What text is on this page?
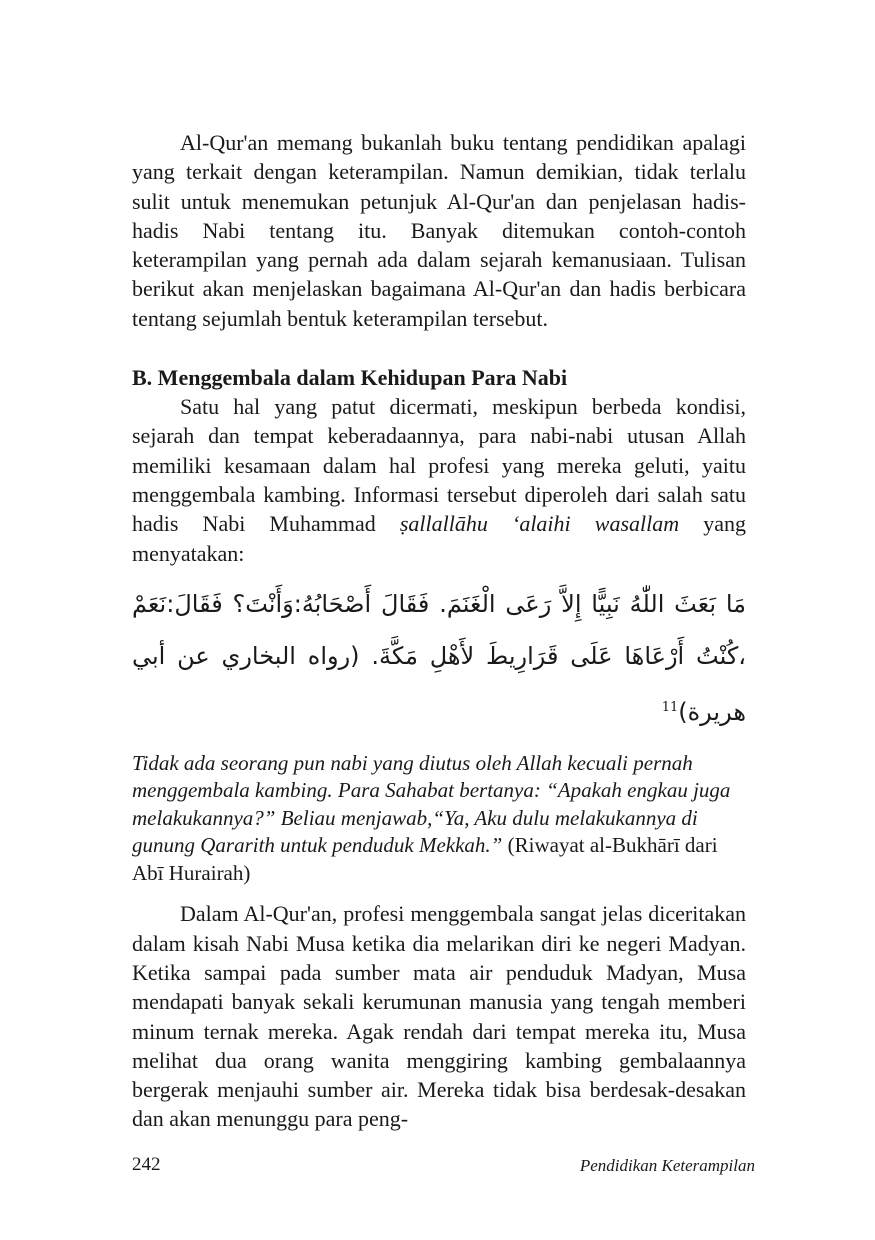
Al-Qur'an memang bukanlah buku tentang pendidikan apalagi yang terkait dengan keterampilan. Namun demikian, tidak terlalu sulit untuk menemukan petunjuk Al-Qur'an dan penjelasan hadis-hadis Nabi tentang itu. Banyak ditemukan contoh-contoh keterampilan yang pernah ada dalam sejarah kemanusiaan. Tulisan berikut akan menjelaskan bagaimana Al-Qur'an dan hadis berbicara tentang sejumlah bentuk keterampilan tersebut.

B. Menggembala dalam Kehidupan Para Nabi

Satu hal yang patut dicermati, meskipun berbeda kondisi, sejarah dan tempat keberadaannya, para nabi-nabi utusan Allah memiliki kesamaan dalam hal profesi yang mereka geluti, yaitu menggembala kambing. Informasi tersebut diperoleh dari salah satu hadis Nabi Muhammad ṣallallāhu ‘alaihi wasallam yang menyatakan:

مَا بَعَثَ اللّٰهُ نَبِيًّا إِلاَّ رَعَى الْغَنَمَ. فَقَالَ أَصْحَابُهُ:وَأَنْتَ؟ فَقَالَ:نَعَمْ ،كُنْتُ أَرْعَاهَا عَلَى قَرَارِيطَ لأَهْلِ مَكَّةَ. (رواه البخاري عن أبي هريرة)$^{11}$

Tidak ada seorang pun nabi yang diutus oleh Allah kecuali pernah menggembala kambing. Para Sahabat bertanya: “Apakah engkau juga melakukannya?” Beliau menjawab,“Ya, Aku dulu melakukannya di gunung Qararith untuk penduduk Mekkah.” (Riwayat al-Bukhārī dari Abī Hurairah)

Dalam Al-Qur'an, profesi menggembala sangat jelas diceritakan dalam kisah Nabi Musa ketika dia melarikan diri ke negeri Madyan. Ketika sampai pada sumber mata air penduduk Madyan, Musa mendapati banyak sekali kerumunan manusia yang tengah memberi minum ternak mereka. Agak rendah dari tempat mereka itu, Musa melihat dua orang wanita menggiring kambing gembalaannya bergerak menjauhi sumber air. Mereka tidak bisa berdesak-desakan dan akan menunggu para peng-

242	Pendidikan Keterampilan
